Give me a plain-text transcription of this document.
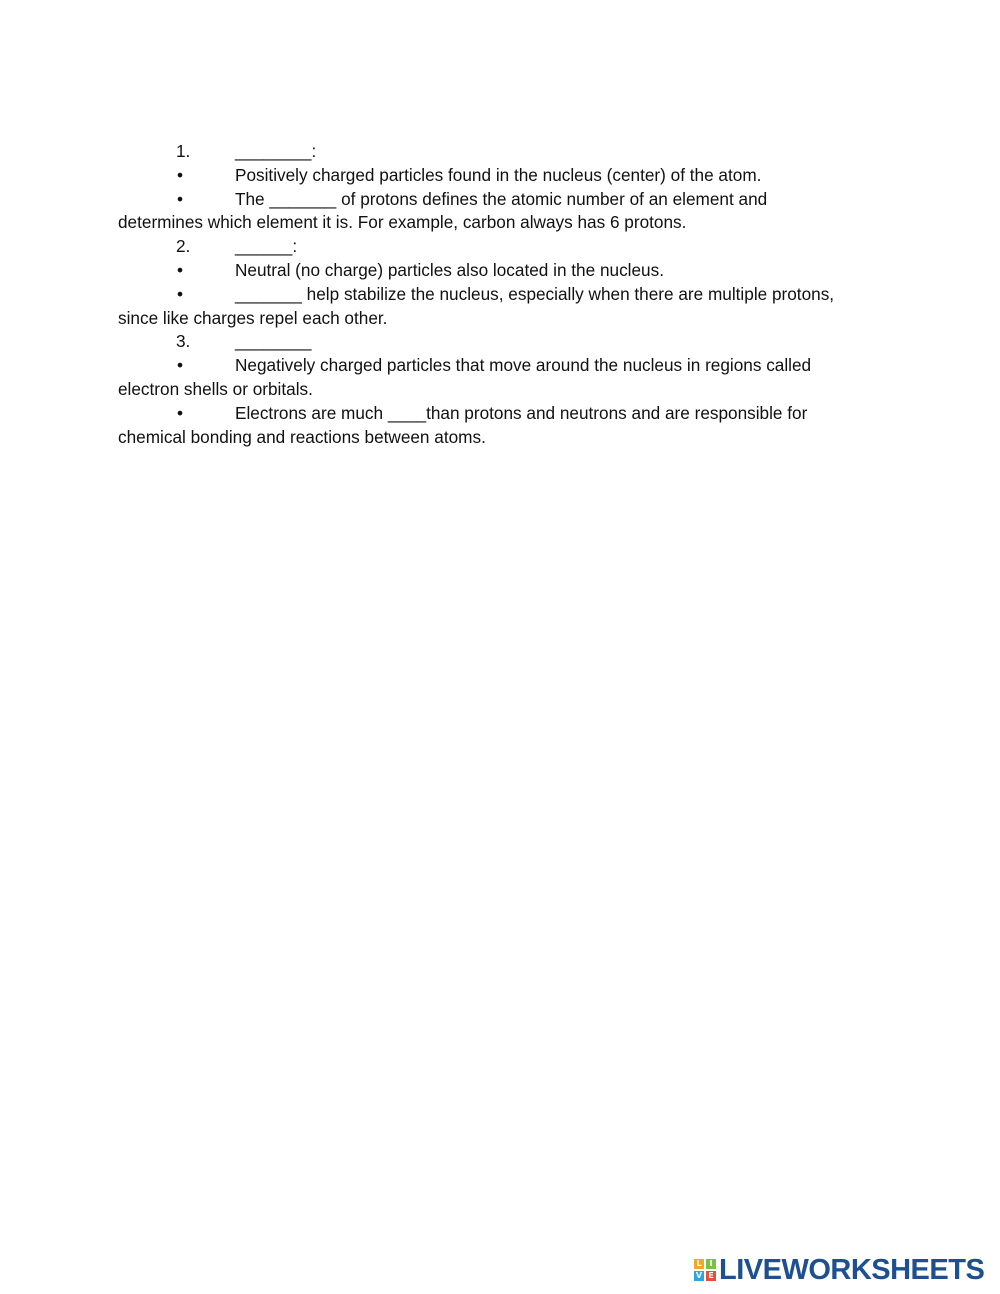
1.	________:
•	Positively charged particles found in the nucleus (center) of the atom.
•	The _______ of protons defines the atomic number of an element and
determines which element it is. For example, carbon always has 6 protons.
2.	______:
•	Neutral (no charge) particles also located in the nucleus.
•	_______ help stabilize the nucleus, especially when there are multiple protons,
since like charges repel each other.
3.	________
•	Negatively charged particles that move around the nucleus in regions called
electron shells or orbitals.
•	Electrons are much ____than protons and neutrons and are responsible for
chemical bonding and reactions between atoms.
L I
V E LIVEWORKSHEETS
